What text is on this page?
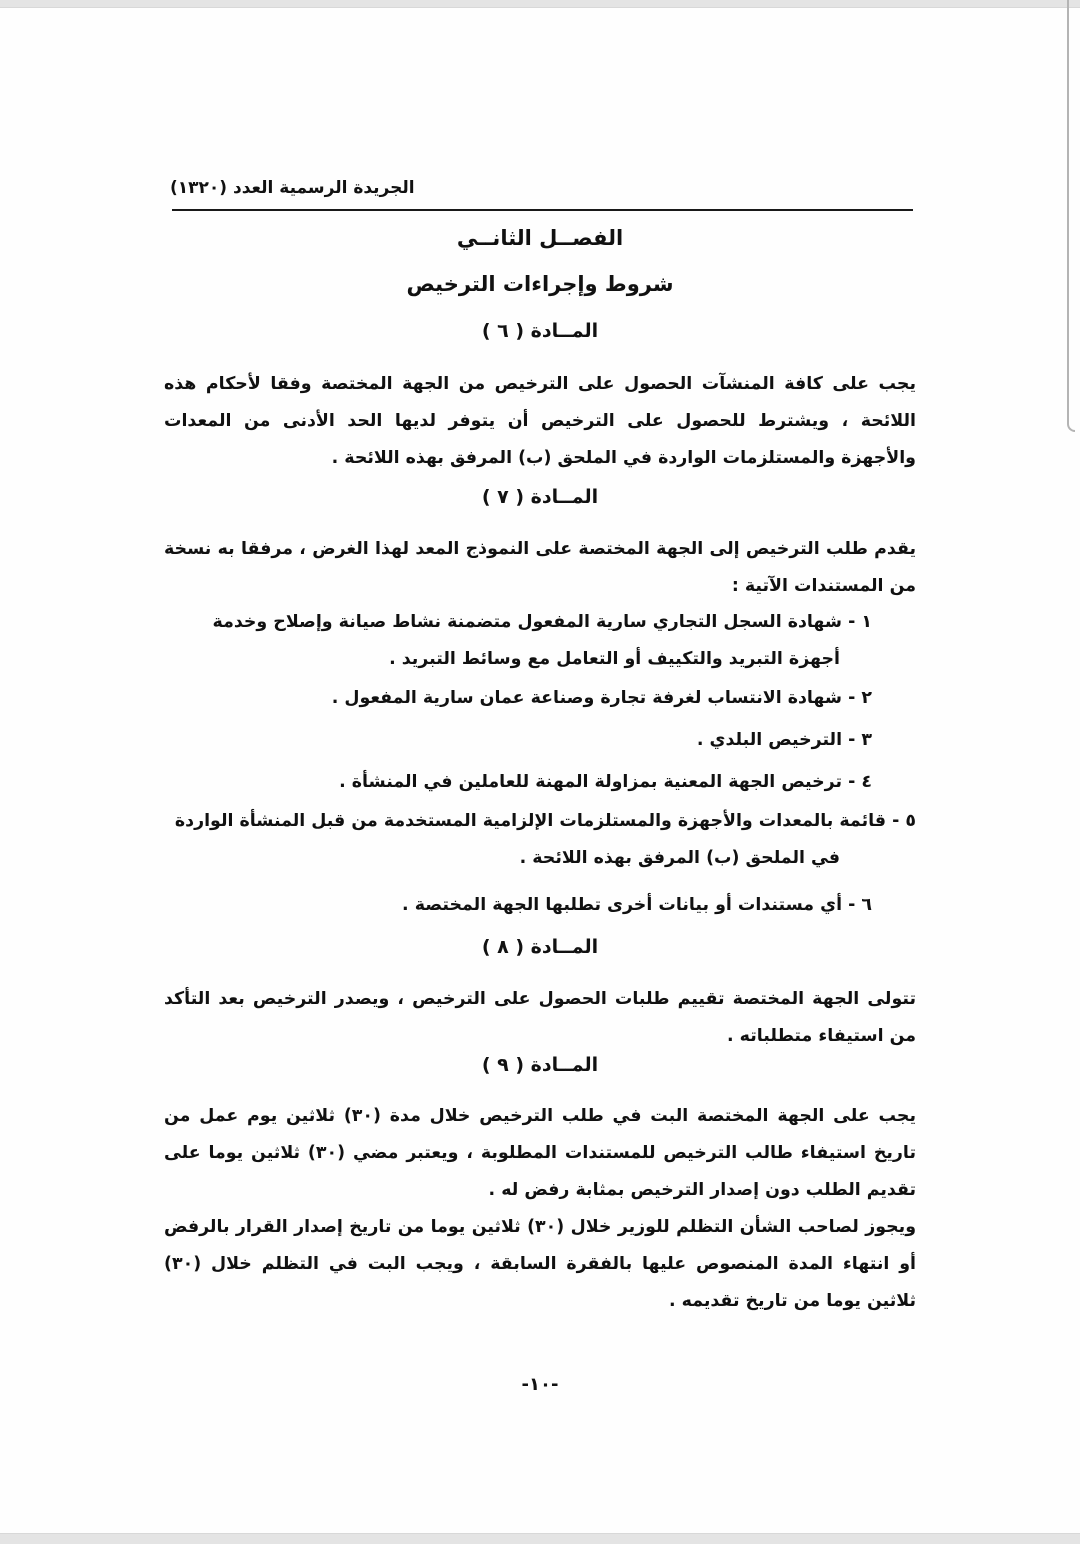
الجريدة الرسمية العدد (١٣٢٠)
الفصــل الثانــي
شروط وإجراءات الترخيص
المــادة ( ٦ )
يجب على كافة المنشآت الحصول على الترخيص من الجهة المختصة وفقا لأحكام هذه اللائحة ، ويشترط للحصول على الترخيص أن يتوفر لديها الحد الأدنى من المعدات والأجهزة والمستلزمات الواردة في الملحق (ب) المرفق بهذه اللائحة .
المــادة ( ٧ )
يقدم طلب الترخيص إلى الجهة المختصة على النموذج المعد لهذا الغرض ، مرفقا به نسخة من المستندات الآتية :
١ - شهادة السجل التجاري سارية المفعول متضمنة نشاط صيانة وإصلاح وخدمة
أجهزة التبريد والتكييف أو التعامل مع وسائط التبريد .
٢ - شهادة الانتساب لغرفة تجارة وصناعة عمان سارية المفعول .
٣ - الترخيص البلدي .
٤ - ترخيص الجهة المعنية بمزاولة المهنة للعاملين في المنشأة .
٥ - قائمة بالمعدات والأجهزة والمستلزمات الإلزامية المستخدمة من قبل المنشأة الواردة
في الملحق (ب) المرفق بهذه اللائحة .
٦ - أي مستندات أو بيانات أخرى تطلبها الجهة المختصة .
المــادة ( ٨ )
تتولى الجهة المختصة تقييم طلبات الحصول على الترخيص ، ويصدر الترخيص بعد التأكد من استيفاء متطلباته .
المــادة ( ٩ )
يجب على الجهة المختصة البت في طلب الترخيص خلال مدة (٣٠) ثلاثين يوم عمل من تاريخ استيفاء طالب الترخيص للمستندات المطلوبة ، ويعتبر مضي (٣٠) ثلاثين يوما على تقديم الطلب دون إصدار الترخيص بمثابة رفض له .
ويجوز لصاحب الشأن التظلم للوزير خلال (٣٠) ثلاثين يوما من تاريخ إصدار القرار بالرفض أو انتهاء المدة المنصوص عليها بالفقرة السابقة ، ويجب البت في التظلم خلال (٣٠) ثلاثين يوما من تاريخ تقديمه .
-١٠-
